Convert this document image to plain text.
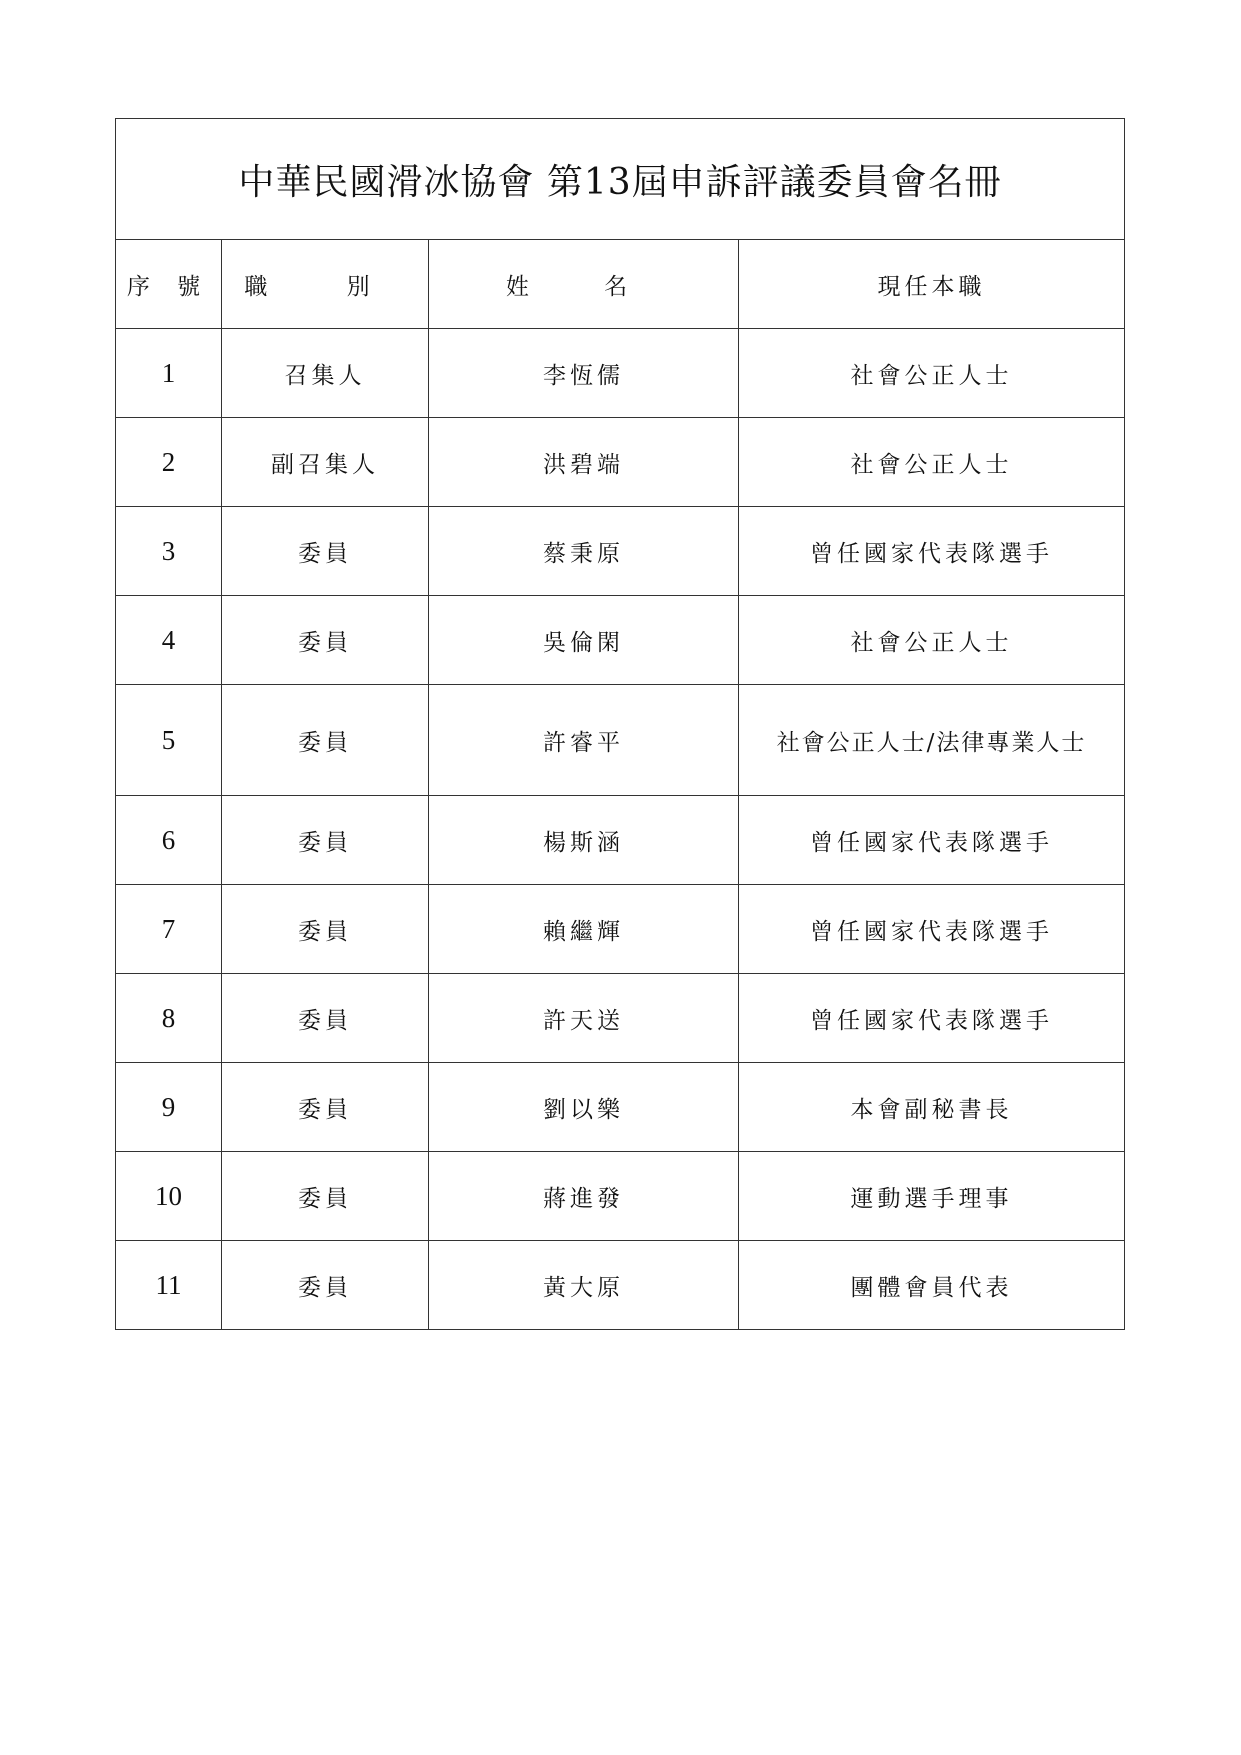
中華民國滑冰協會 第13屆申訴評議委員會名冊			
序 號	職 別	姓 名	現任本職
1	召集人	李恆儒	社會公正人士
2	副召集人	洪碧端	社會公正人士
3	委員	蔡秉原	曾任國家代表隊選手
4	委員	吳倫閑	社會公正人士
5	委員	許睿平	社會公正人士/法律專業人士
6	委員	楊斯涵	曾任國家代表隊選手
7	委員	賴繼輝	曾任國家代表隊選手
8	委員	許天送	曾任國家代表隊選手
9	委員	劉以樂	本會副秘書長
10	委員	蔣進發	運動選手理事
11	委員	黃大原	團體會員代表
